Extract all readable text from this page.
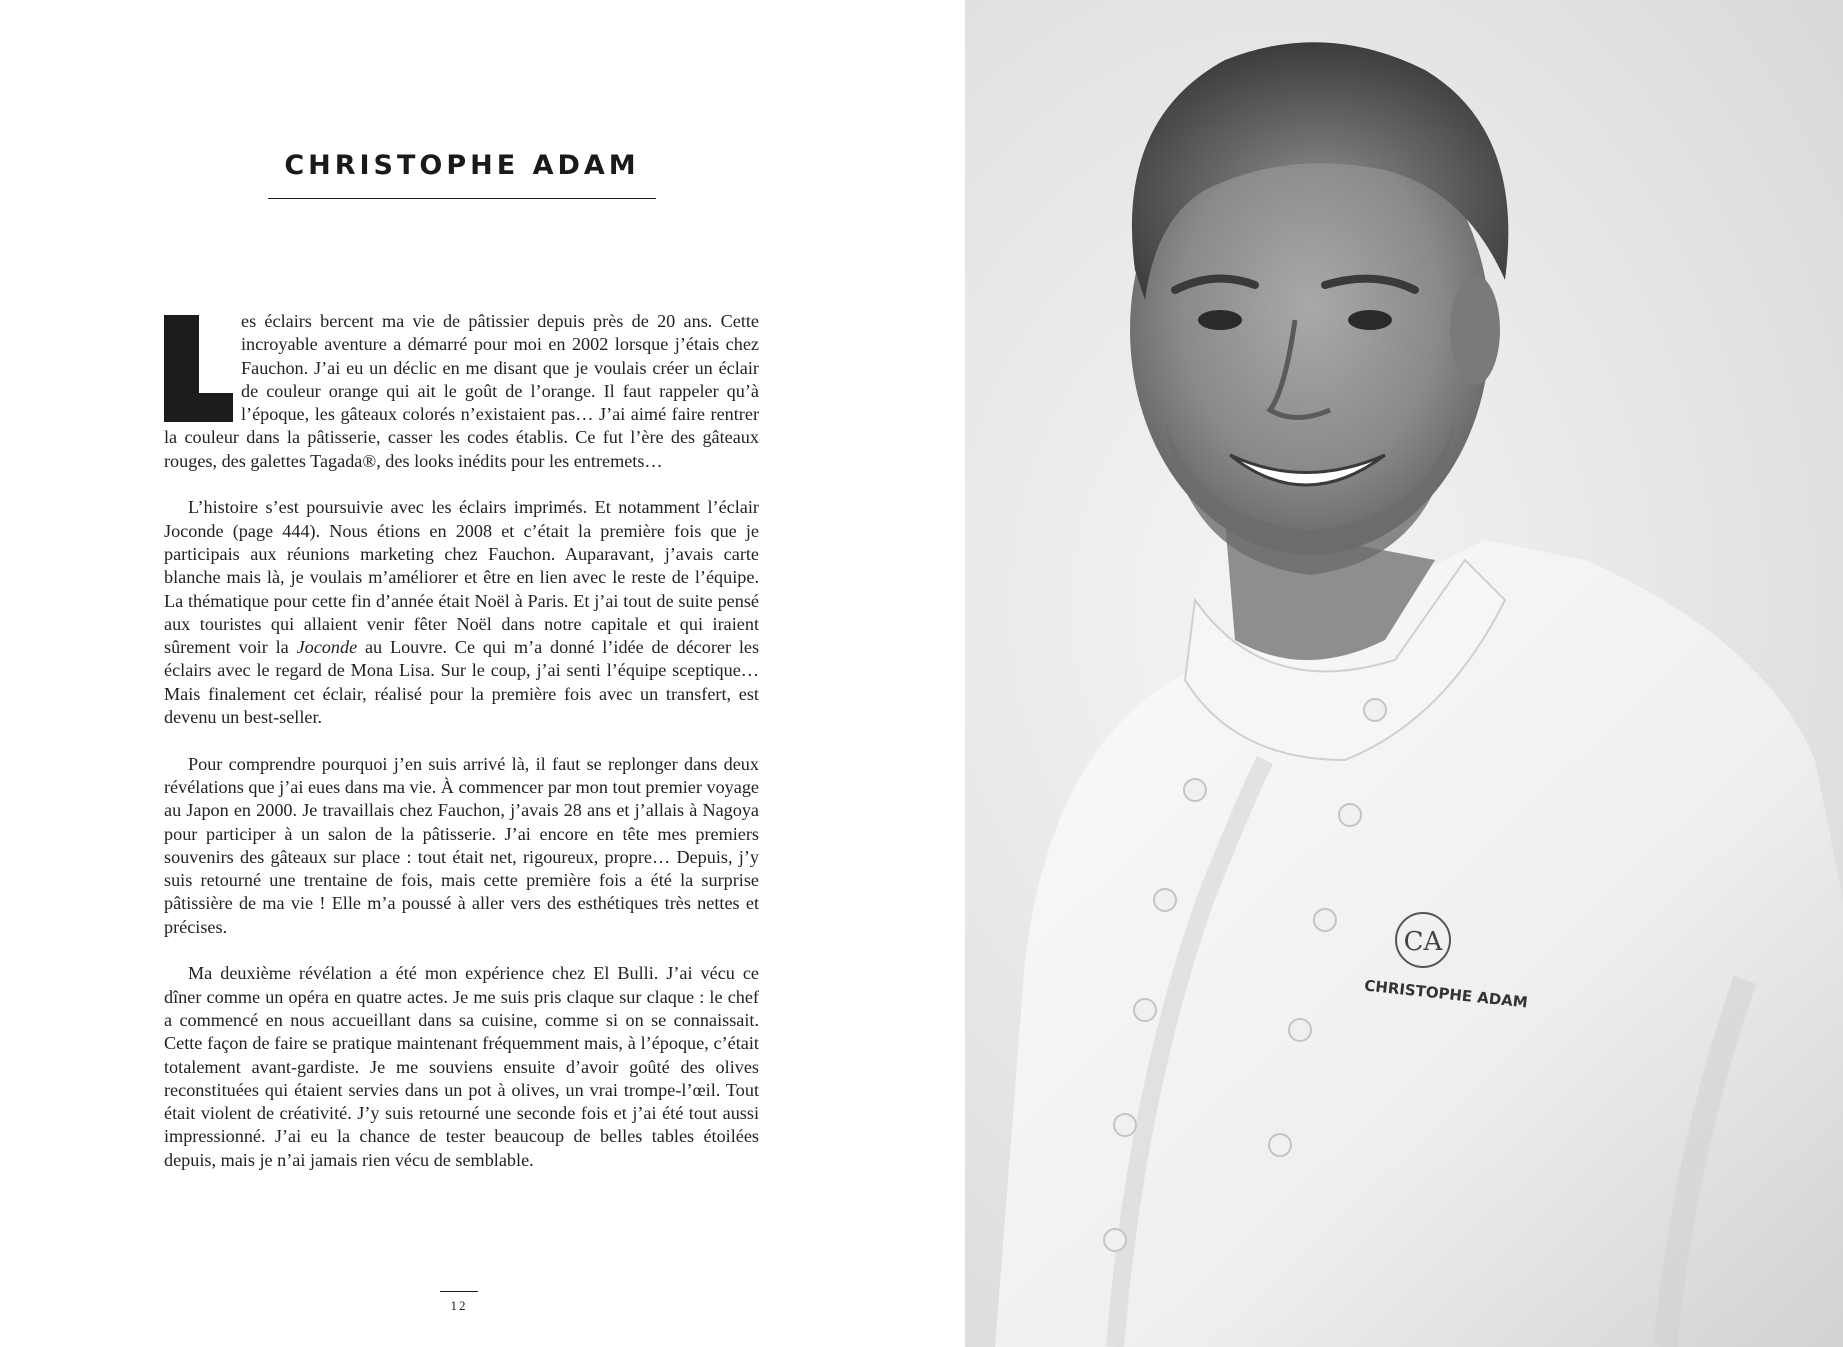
CHRISTOPHE ADAM

es éclairs bercent ma vie de pâtissier depuis près de 20 ans. Cette incroyable aventure a démarré pour moi en 2002 lorsque j’étais chez Fauchon. J’ai eu un déclic en me disant que je voulais créer un éclair de couleur orange qui ait le goût de l’orange. Il faut rappeler qu’à l’époque, les gâteaux colorés n’existaient pas… J’ai aimé faire rentrer la couleur dans la pâtisserie, casser les codes établis. Ce fut l’ère des gâteaux rouges, des galettes Tagada®, des looks inédits pour les entremets…

L’histoire s’est poursuivie avec les éclairs imprimés. Et notamment l’éclair Joconde (page 444). Nous étions en 2008 et c’était la première fois que je participais aux réunions marketing chez Fauchon. Auparavant, j’avais carte blanche mais là, je voulais m’améliorer et être en lien avec le reste de l’équipe. La thématique pour cette fin d’année était Noël à Paris. Et j’ai tout de suite pensé aux touristes qui allaient venir fêter Noël dans notre capitale et qui iraient sûrement voir la Joconde au Louvre. Ce qui m’a donné l’idée de décorer les éclairs avec le regard de Mona Lisa. Sur le coup, j’ai senti l’équipe sceptique… Mais finalement cet éclair, réalisé pour la première fois avec un transfert, est devenu un best-seller.

Pour comprendre pourquoi j’en suis arrivé là, il faut se replonger dans deux révélations que j’ai eues dans ma vie. À commencer par mon tout premier voyage au Japon en 2000. Je travaillais chez Fauchon, j’avais 28 ans et j’allais à Nagoya pour participer à un salon de la pâtisserie. J’ai encore en tête mes premiers souvenirs des gâteaux sur place : tout était net, rigoureux, propre… Depuis, j’y suis retourné une trentaine de fois, mais cette première fois a été la surprise pâtissière de ma vie ! Elle m’a poussé à aller vers des esthétiques très nettes et précises.

Ma deuxième révélation a été mon expérience chez El Bulli. J’ai vécu ce dîner comme un opéra en quatre actes. Je me suis pris claque sur claque : le chef a commencé en nous accueillant dans sa cuisine, comme si on se connaissait. Cette façon de faire se pratique maintenant fréquemment mais, à l’époque, c’était totalement avant-gardiste. Je me souviens ensuite d’avoir goûté des olives reconstituées qui étaient servies dans un pot à olives, un vrai trompe-l’œil. Tout était violent de créativité. J’y suis retourné une seconde fois et j’ai été tout aussi impressionné. J’ai eu la chance de tester beaucoup de belles tables étoilées depuis, mais je n’ai jamais rien vécu de semblable.

12
CA
CHRISTOPHE ADAM
